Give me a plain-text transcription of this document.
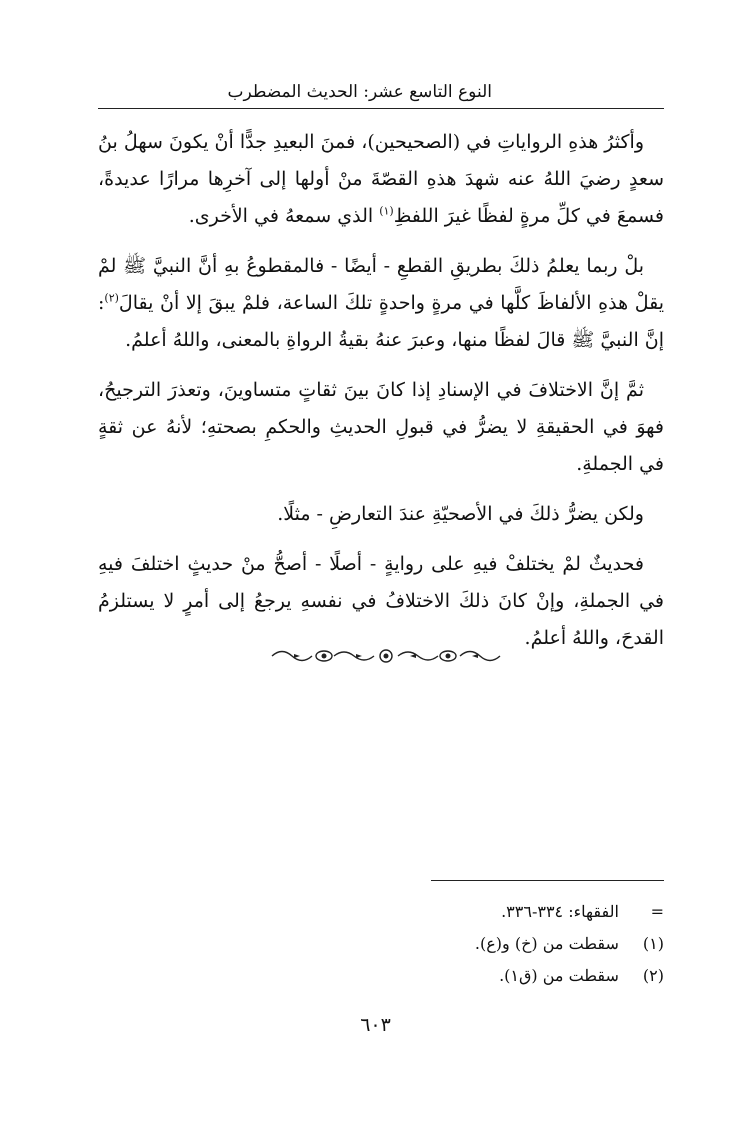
النوع التاسع عشر: الحديث المضطرب

وأكثرُ هذهِ الرواياتِ في (الصحيحين)، فمنَ البعيدِ جدًّا أنْ يكونَ سهلُ بنُ سعدٍ رضيَ اللهُ عنه شهدَ هذهِ القصّةَ منْ أولها إلى آخرِها مرارًا عديدةً، فسمعَ في كلِّ مرةٍ لفظًا غيرَ اللفظِ$^{(١)}$ الذي سمعهُ في الأخرى.

بلْ ربما يعلمُ ذلكَ بطريقِ القطعِ - أيضًا - فالمقطوعُ بهِ أنَّ النبيَّ ﷺ لمْ يقلْ هذهِ الألفاظَ كلَّها في مرةٍ واحدةٍ تلكَ الساعة، فلمْ يبقَ إلا أنْ يقالَ$^{(٢)}$: إنَّ النبيَّ ﷺ قالَ لفظًا منها، وعبرَ عنهُ بقيةُ الرواةِ بالمعنى، واللهُ أعلمُ.

ثمَّ إنَّ الاختلافَ في الإسنادِ إذا كانَ بينَ ثقاتٍ متساوينَ، وتعذرَ الترجيحُ، فهوَ في الحقيقةِ لا يضرُّ في قبولِ الحديثِ والحكمِ بصحتهِ؛ لأنهُ عن ثقةٍ في الجملةِ.

ولكن يضرُّ ذلكَ في الأصحيّةِ عندَ التعارضِ - مثلًا.

فحديثٌ لمْ يختلفْ فيهِ على روايةٍ - أصلًا - أصحُّ منْ حديثٍ اختلفَ فيهِ في الجملةِ، وإنْ كانَ ذلكَ الاختلافُ في نفسهِ يرجعُ إلى أمرٍ لا يستلزمُ القدحَ، واللهُ أعلمُ.

= الفقهاء: ٣٣٤-٣٣٦.
(١) سقطت من (خ) و(ع).
(٢) سقطت من (ق١).
٦٠٣
